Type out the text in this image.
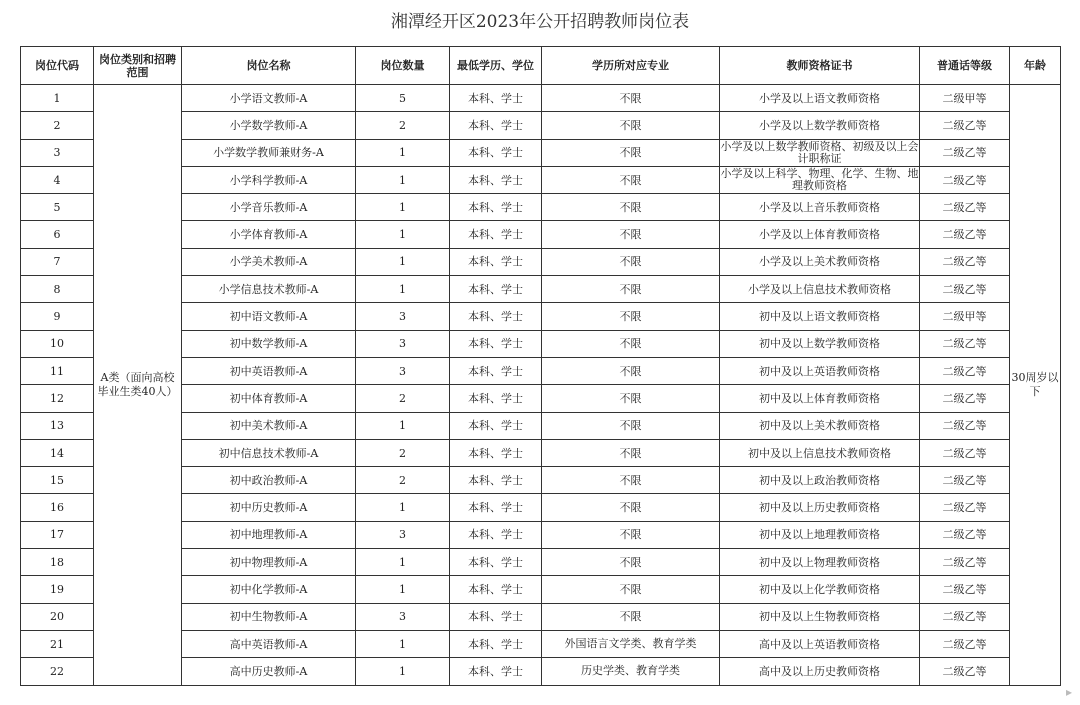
湘潭经开区2023年公开招聘教师岗位表
岗位代码	岗位类别和招聘范围	岗位名称	岗位数量	最低学历、学位	学历所对应专业	教师资格证书	普通话等级	年龄
1	A类（面向高校毕业生类40人）	小学语文教师-A	5	本科、学士	不限	小学及以上语文教师资格	二级甲等	30周岁以下
2		小学数学教师-A	2	本科、学士	不限	小学及以上数学教师资格	二级乙等	
3		小学数学教师兼财务-A	1	本科、学士	不限	小学及以上数学教师资格、初级及以上会计职称证	二级乙等	
4		小学科学教师-A	1	本科、学士	不限	小学及以上科学、物理、化学、生物、地理教师资格	二级乙等	
5		小学音乐教师-A	1	本科、学士	不限	小学及以上音乐教师资格	二级乙等	
6		小学体育教师-A	1	本科、学士	不限	小学及以上体育教师资格	二级乙等	
7		小学美术教师-A	1	本科、学士	不限	小学及以上美术教师资格	二级乙等	
8		小学信息技术教师-A	1	本科、学士	不限	小学及以上信息技术教师资格	二级乙等	
9		初中语文教师-A	3	本科、学士	不限	初中及以上语文教师资格	二级甲等	
10		初中数学教师-A	3	本科、学士	不限	初中及以上数学教师资格	二级乙等	
11		初中英语教师-A	3	本科、学士	不限	初中及以上英语教师资格	二级乙等	
12		初中体育教师-A	2	本科、学士	不限	初中及以上体育教师资格	二级乙等	
13		初中美术教师-A	1	本科、学士	不限	初中及以上美术教师资格	二级乙等	
14		初中信息技术教师-A	2	本科、学士	不限	初中及以上信息技术教师资格	二级乙等	
15		初中政治教师-A	2	本科、学士	不限	初中及以上政治教师资格	二级乙等	
16		初中历史教师-A	1	本科、学士	不限	初中及以上历史教师资格	二级乙等	
17		初中地理教师-A	3	本科、学士	不限	初中及以上地理教师资格	二级乙等	
18		初中物理教师-A	1	本科、学士	不限	初中及以上物理教师资格	二级乙等	
19		初中化学教师-A	1	本科、学士	不限	初中及以上化学教师资格	二级乙等	
20		初中生物教师-A	3	本科、学士	不限	初中及以上生物教师资格	二级乙等	
21		高中英语教师-A	1	本科、学士	外国语言文学类、教育学类	高中及以上英语教师资格	二级乙等	
22		高中历史教师-A	1	本科、学士	历史学类、教育学类	高中及以上历史教师资格	二级乙等	
▸
